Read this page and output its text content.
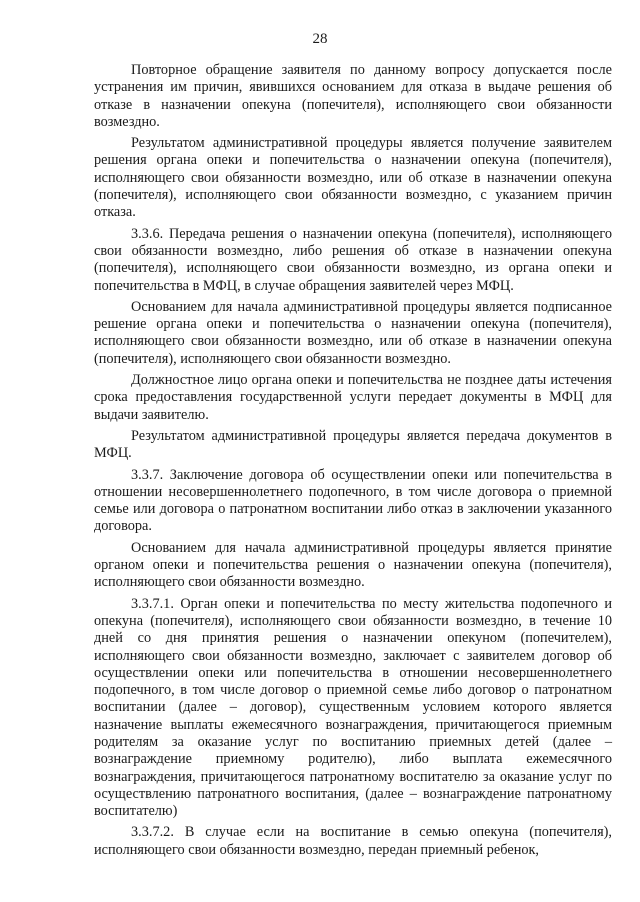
28

Повторное обращение заявителя по данному вопросу допускается после устранения им причин, явившихся основанием для отказа в выдаче решения об отказе в назначении опекуна (попечителя), исполняющего свои обязанности возмездно.

Результатом административной процедуры является получение заявителем решения органа опеки и попечительства о назначении опекуна (попечителя), исполняющего свои обязанности возмездно, или об отказе в назначении опекуна (попечителя), исполняющего свои обязанности возмездно, с указанием причин отказа.

3.3.6. Передача решения о назначении опекуна (попечителя), исполняющего свои обязанности возмездно, либо решения об отказе в назначении опекуна (попечителя), исполняющего свои обязанности возмездно, из органа опеки и попечительства в МФЦ, в случае обращения заявителей через МФЦ.

Основанием для начала административной процедуры является подписанное решение органа опеки и попечительства о назначении опекуна (попечителя), исполняющего свои обязанности возмездно, или об отказе в назначении опекуна (попечителя), исполняющего свои обязанности возмездно.

Должностное лицо органа опеки и попечительства не позднее даты истечения срока предоставления государственной услуги передает документы в МФЦ для выдачи заявителю.

Результатом административной процедуры является передача документов в МФЦ.

3.3.7. Заключение договора об осуществлении опеки или попечительства в отношении несовершеннолетнего подопечного, в том числе договора о приемной семье или договора о патронатном воспитании либо отказ в заключении указанного договора.

Основанием для начала административной процедуры является принятие органом опеки и попечительства решения о назначении опекуна (попечителя), исполняющего свои обязанности возмездно.

3.3.7.1. Орган опеки и попечительства по месту жительства подопечного и опекуна (попечителя), исполняющего свои обязанности возмездно, в течение 10 дней со дня принятия решения о назначении опекуном (попечителем), исполняющего свои обязанности возмездно, заключает с заявителем договор об осуществлении опеки или попечительства в отношении несовершеннолетнего подопечного, в том числе договор о приемной семье либо договор о патронатном воспитании (далее – договор), существенным условием которого является назначение выплаты ежемесячного вознаграждения, причитающегося приемным родителям за оказание услуг по воспитанию приемных детей (далее – вознаграждение приемному родителю), либо выплата ежемесячного вознаграждения, причитающегося патронатному воспитателю за оказание услуг по осуществлению патронатного воспитания, (далее – вознаграждение патронатному воспитателю)

3.3.7.2. В случае если на воспитание в семью опекуна (попечителя), исполняющего свои обязанности возмездно, передан приемный ребенок,
